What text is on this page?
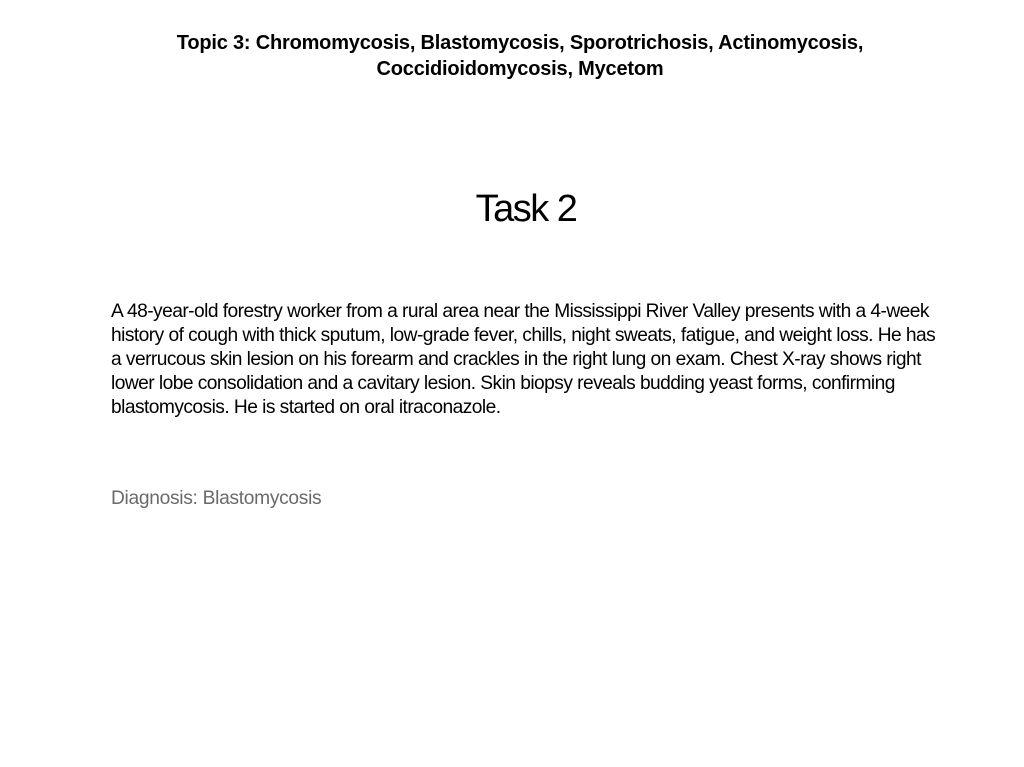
Topic 3: Chromomycosis, Blastomycosis, Sporotrichosis, Actinomycosis,
Coccidioidomycosis, Mycetom
Task 2
A 48-year-old forestry worker from a rural area near the Mississippi River Valley presents with a 4-week history of cough with thick sputum, low-grade fever, chills, night sweats, fatigue, and weight loss. He has a verrucous skin lesion on his forearm and crackles in the right lung on exam. Chest X-ray shows right lower lobe consolidation and a cavitary lesion. Skin biopsy reveals budding yeast forms, confirming blastomycosis. He is started on oral itraconazole.
Diagnosis: Blastomycosis
